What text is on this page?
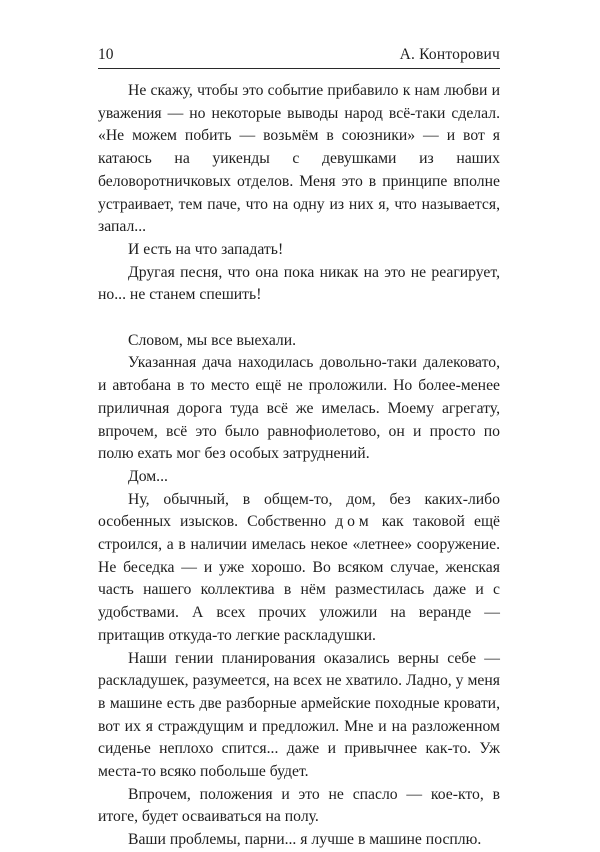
10	А. Конторович

Не скажу, чтобы это событие прибавило к нам любви и уважения — но некоторые выводы народ всё-таки сделал. «Не можем побить — возьмём в союзники» — и вот я катаюсь на уикенды с девушками из наших беловоротничковых отделов. Меня это в принципе вполне устраивает, тем паче, что на одну из них я, что называется, запал...

И есть на что западать!

Другая песня, что она пока никак на это не реагирует, но... не станем спешить!

Словом, мы все выехали.

Указанная дача находилась довольно-таки далековато, и автобана в то место ещё не проложили. Но более-менее приличная дорога туда всё же имелась. Моему агрегату, впрочем, всё это было равнофиолетово, он и просто по полю ехать мог без особых затруднений.

Дом...

Ну, обычный, в общем-то, дом, без каких-либо особенных изысков. Собственно дом как таковой ещё строился, а в наличии имелась некое «летнее» сооружение. Не беседка — и уже хорошо. Во всяком случае, женская часть нашего коллектива в нём разместилась даже и с удобствами. А всех прочих уложили на веранде — притащив откуда-то легкие раскладушки.

Наши гении планирования оказались верны себе — раскладушек, разумеется, на всех не хватило. Ладно, у меня в машине есть две разборные армейские походные кровати, вот их я страждущим и предложил. Мне и на разложенном сиденье неплохо спится... даже и привычнее как-то. Уж места-то всяко побольше будет.

Впрочем, положения и это не спасло — кое-кто, в итоге, будет осваиваться на полу.

Ваши проблемы, парни... я лучше в машине посплю.
